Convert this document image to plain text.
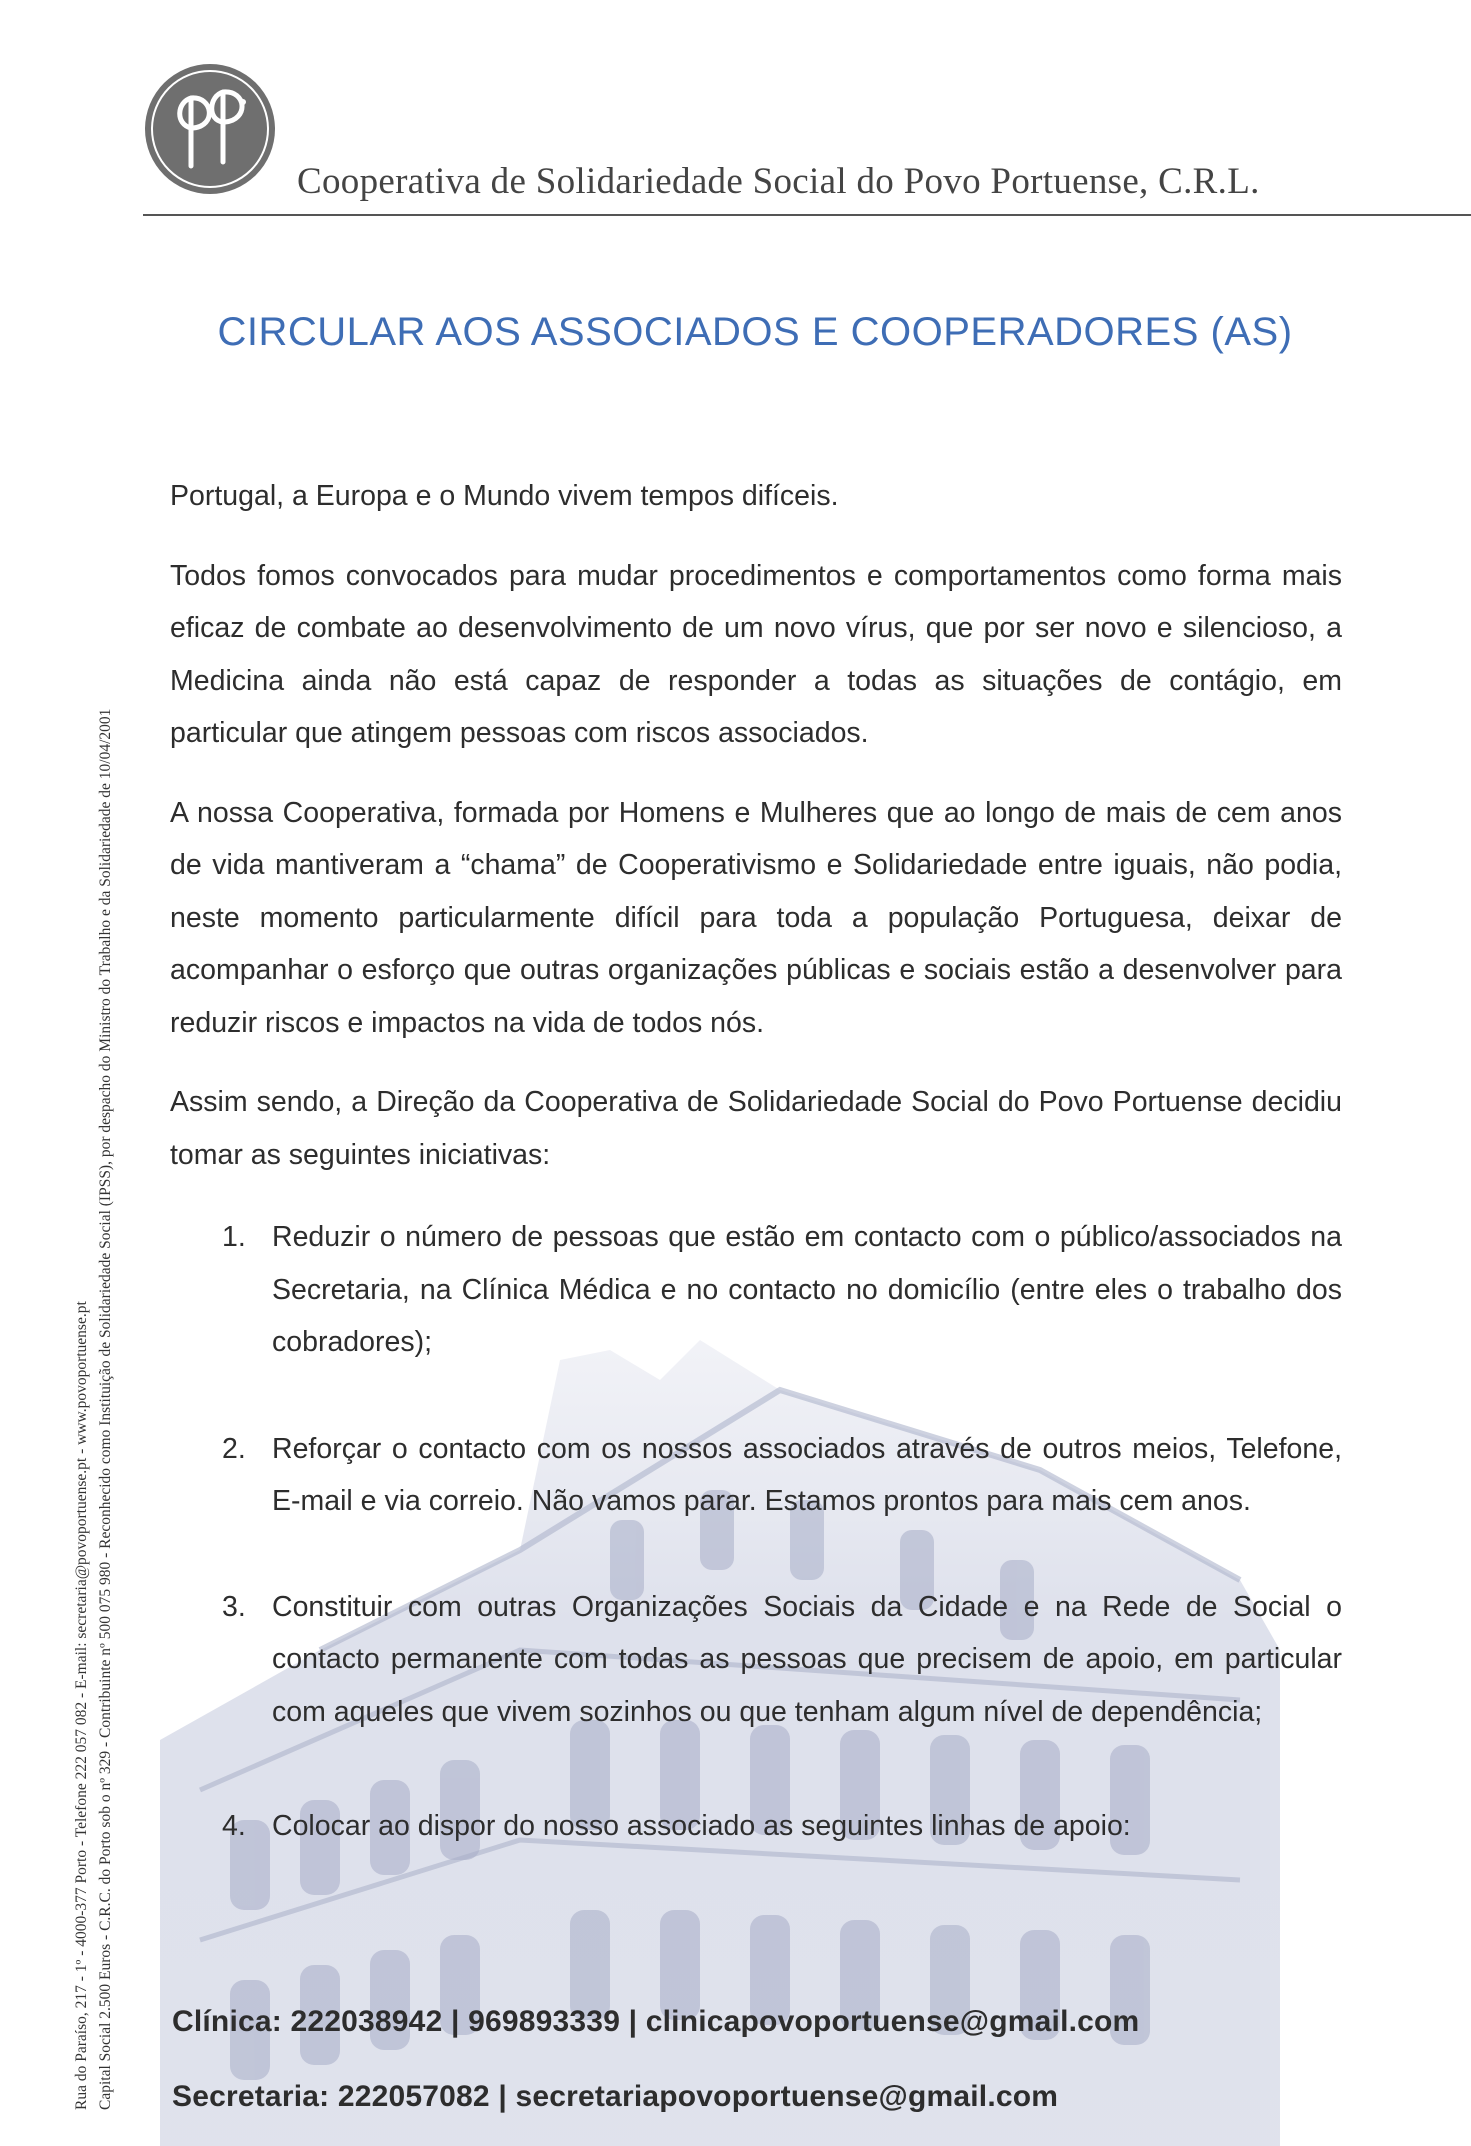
Cooperativa de Solidariedade Social do Povo Portuense, C.R.L.
Rua do Paraíso, 217 - 1º - 4000-377 Porto - Telefone 222 057 082 - E-mail: secretaria@povoportuense.pt - www.povoportuense.pt Capital Social 2.500 Euros - C.R.C. do Porto sob o nº 329 - Contribuinte nº 500 075 980 - Reconhecido como Instituição de Solidariedade Social (IPSS), por despacho do Ministro do Trabalho e da Solidariedade de 10/04/2001
CIRCULAR AOS ASSOCIADOS E COOPERADORES (AS)

Portugal, a Europa e o Mundo vivem tempos difíceis.

Todos fomos convocados para mudar procedimentos e comportamentos como forma mais eficaz de combate ao desenvolvimento de um novo vírus, que por ser novo e silencioso, a Medicina ainda não está capaz de responder a todas as situações de contágio, em particular que atingem pessoas com riscos associados.

A nossa Cooperativa, formada por Homens e Mulheres que ao longo de mais de cem anos de vida mantiveram a “chama” de Cooperativismo e Solidariedade entre iguais, não podia, neste momento particularmente difícil para toda a população Portuguesa, deixar de acompanhar o esforço que outras organizações públicas e sociais estão a desenvolver para reduzir riscos e impactos na vida de todos nós.

Assim sendo, a Direção da Cooperativa de Solidariedade Social do Povo Portuense decidiu tomar as seguintes iniciativas:

1. Reduzir o número de pessoas que estão em contacto com o público/associados na Secretaria, na Clínica Médica e no contacto no domicílio (entre eles o trabalho dos cobradores);
2. Reforçar o contacto com os nossos associados através de outros meios, Telefone, E-mail e via correio. Não vamos parar. Estamos prontos para mais cem anos.
3. Constituir com outras Organizações Sociais da Cidade e na Rede de Social o contacto permanente com todas as pessoas que precisem de apoio, em particular com aqueles que vivem sozinhos ou que tenham algum nível de dependência;
4. Colocar ao dispor do nosso associado as seguintes linhas de apoio:
Clínica: 222038942 | 969893339 | clinicapovoportuense@gmail.com
Secretaria: 222057082 | secretariapovoportuense@gmail.com
